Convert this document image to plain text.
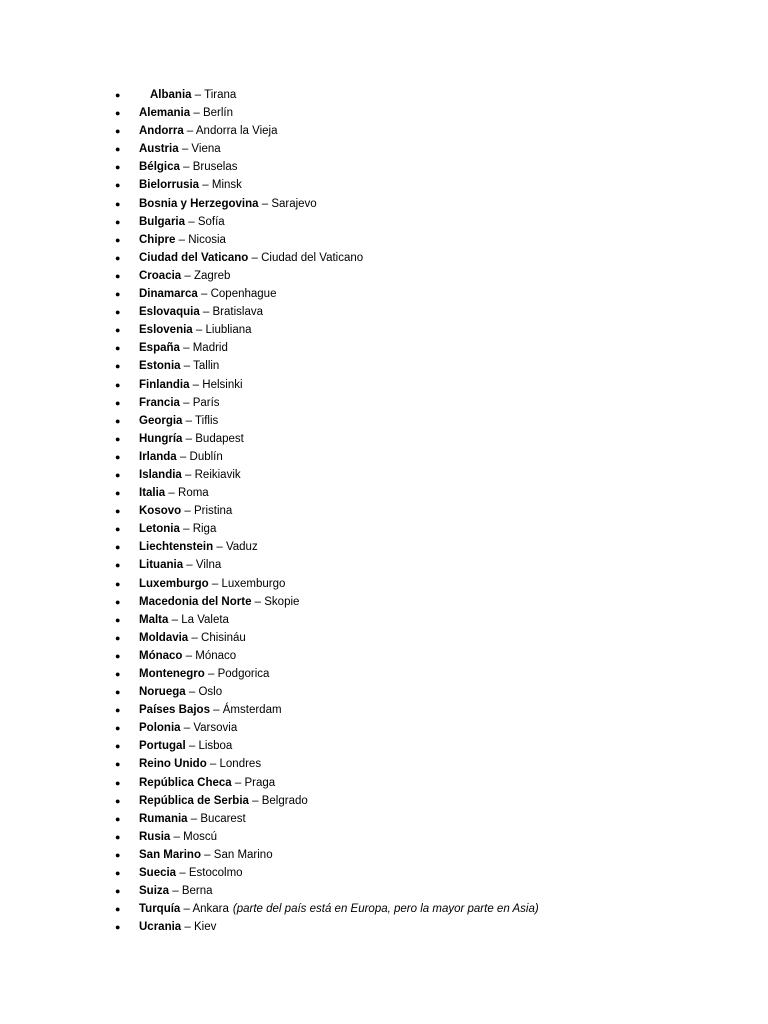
●	Albania – Tirana
● Alemania – Berlín
● Andorra – Andorra la Vieja
● Austria – Viena
● Bélgica – Bruselas
● Bielorrusia – Minsk
● Bosnia y Herzegovina – Sarajevo
● Bulgaria – Sofía
● Chipre – Nicosia
● Ciudad del Vaticano – Ciudad del Vaticano
● Croacia – Zagreb
● Dinamarca – Copenhague
● Eslovaquia – Bratislava
● Eslovenia – Liubliana
● España – Madrid
● Estonia – Tallin
● Finlandia – Helsinki
● Francia – París
● Georgia – Tiflis
● Hungría – Budapest
● Irlanda – Dublín
● Islandia – Reikiavik
● Italia – Roma
● Kosovo – Pristina
● Letonia – Riga
● Liechtenstein – Vaduz
● Lituania – Vilna
● Luxemburgo – Luxemburgo
● Macedonia del Norte – Skopie
● Malta – La Valeta
● Moldavia – Chisináu
● Mónaco – Mónaco
● Montenegro – Podgorica
● Noruega – Oslo
● Países Bajos – Ámsterdam
● Polonia – Varsovia
● Portugal – Lisboa
● Reino Unido – Londres
● República Checa – Praga
● República de Serbia – Belgrado
● Rumania – Bucarest
● Rusia – Moscú
● San Marino – San Marino
● Suecia – Estocolmo
● Suiza – Berna
● Turquía – Ankara (parte del país está en Europa, pero la mayor parte en Asia)
● Ucrania – Kiev
